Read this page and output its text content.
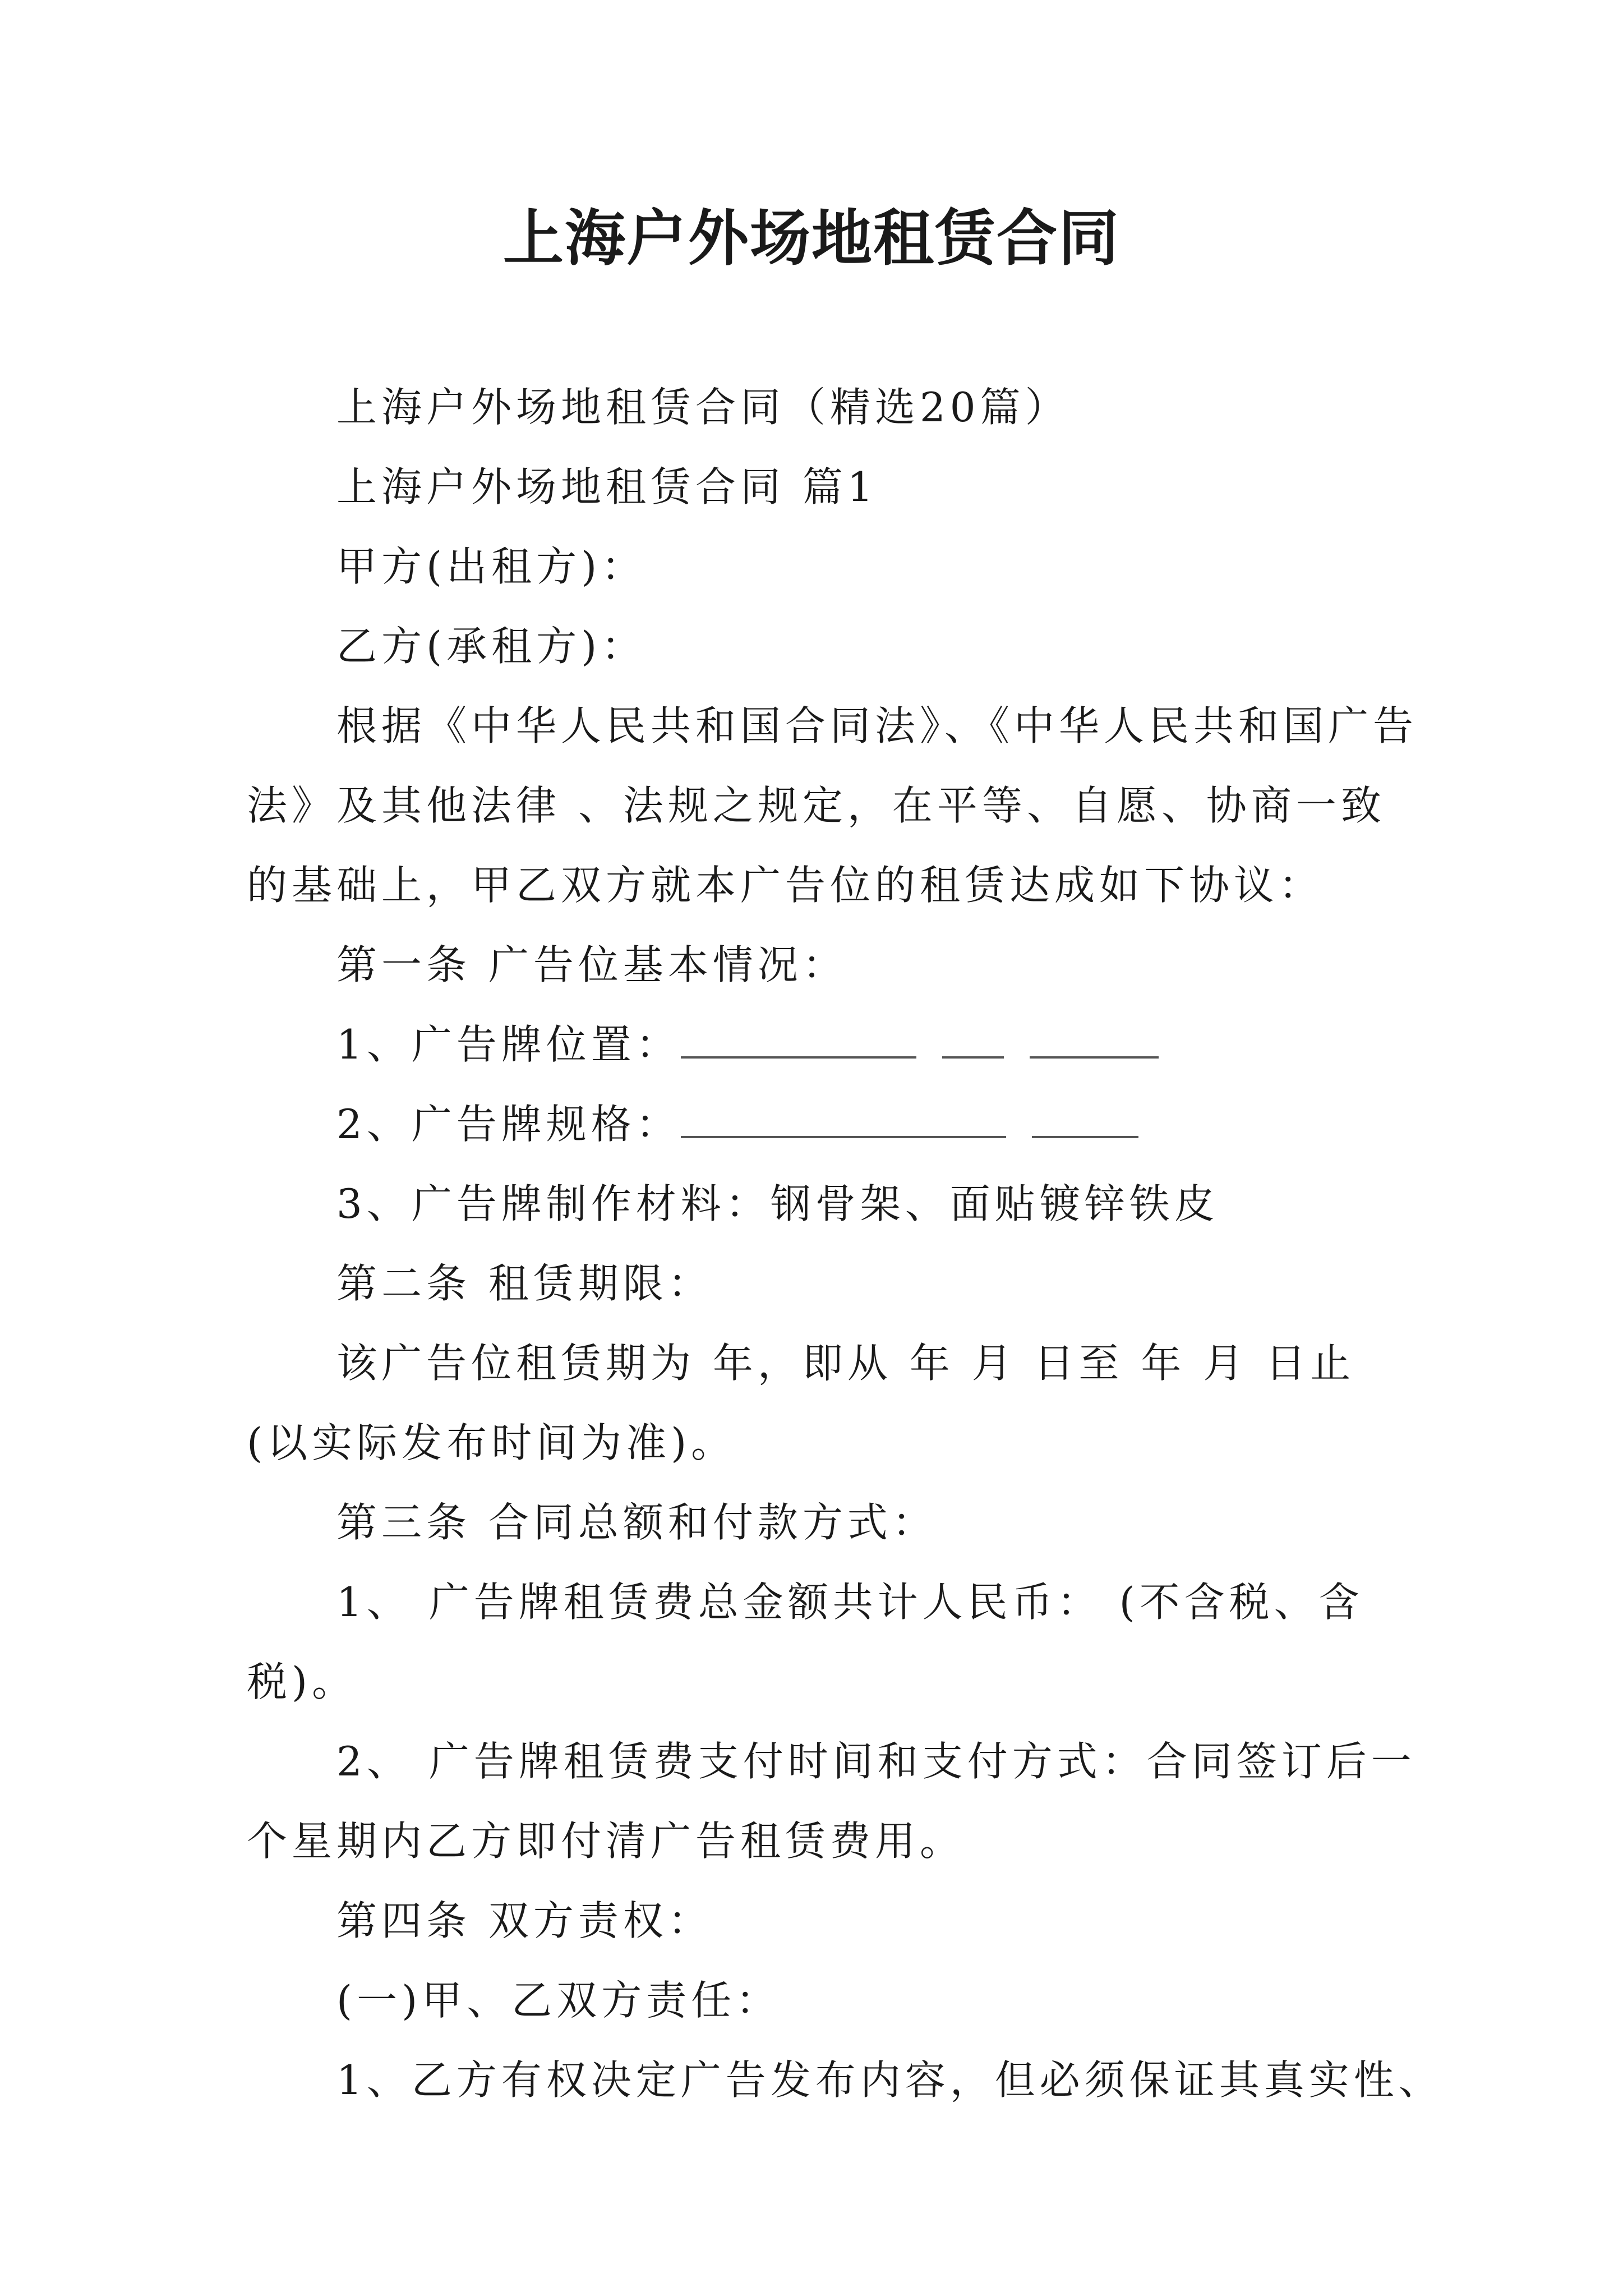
上海户外场地租赁合同
上海户外场地租赁合同（精选20篇）
上海户外场地租赁合同 篇1
甲方(出租方)：
乙方(承租方)：
根据《中华人民共和国合同法》、《中华人民共和国广告
法》及其他法律 、法规之规定，在平等、自愿、协商一致
的基础上，甲乙双方就本广告位的租赁达成如下协议：
第一条 广告位基本情况：
1、广告牌位置：
2、广告牌规格：
3、广告牌制作材料：钢骨架、面贴镀锌铁皮
第二条 租赁期限：
该广告位租赁期为 年，即从 年 月 日至 年 月 日止
(以实际发布时间为准)。
第三条 合同总额和付款方式：
1、 广告牌租赁费总金额共计人民币： (不含税、含
税)。
2、 广告牌租赁费支付时间和支付方式：合同签订后一
个星期内乙方即付清广告租赁费用。
第四条 双方责权：
(一)甲、乙双方责任：
1、乙方有权决定广告发布内容，但必须保证其真实性、
